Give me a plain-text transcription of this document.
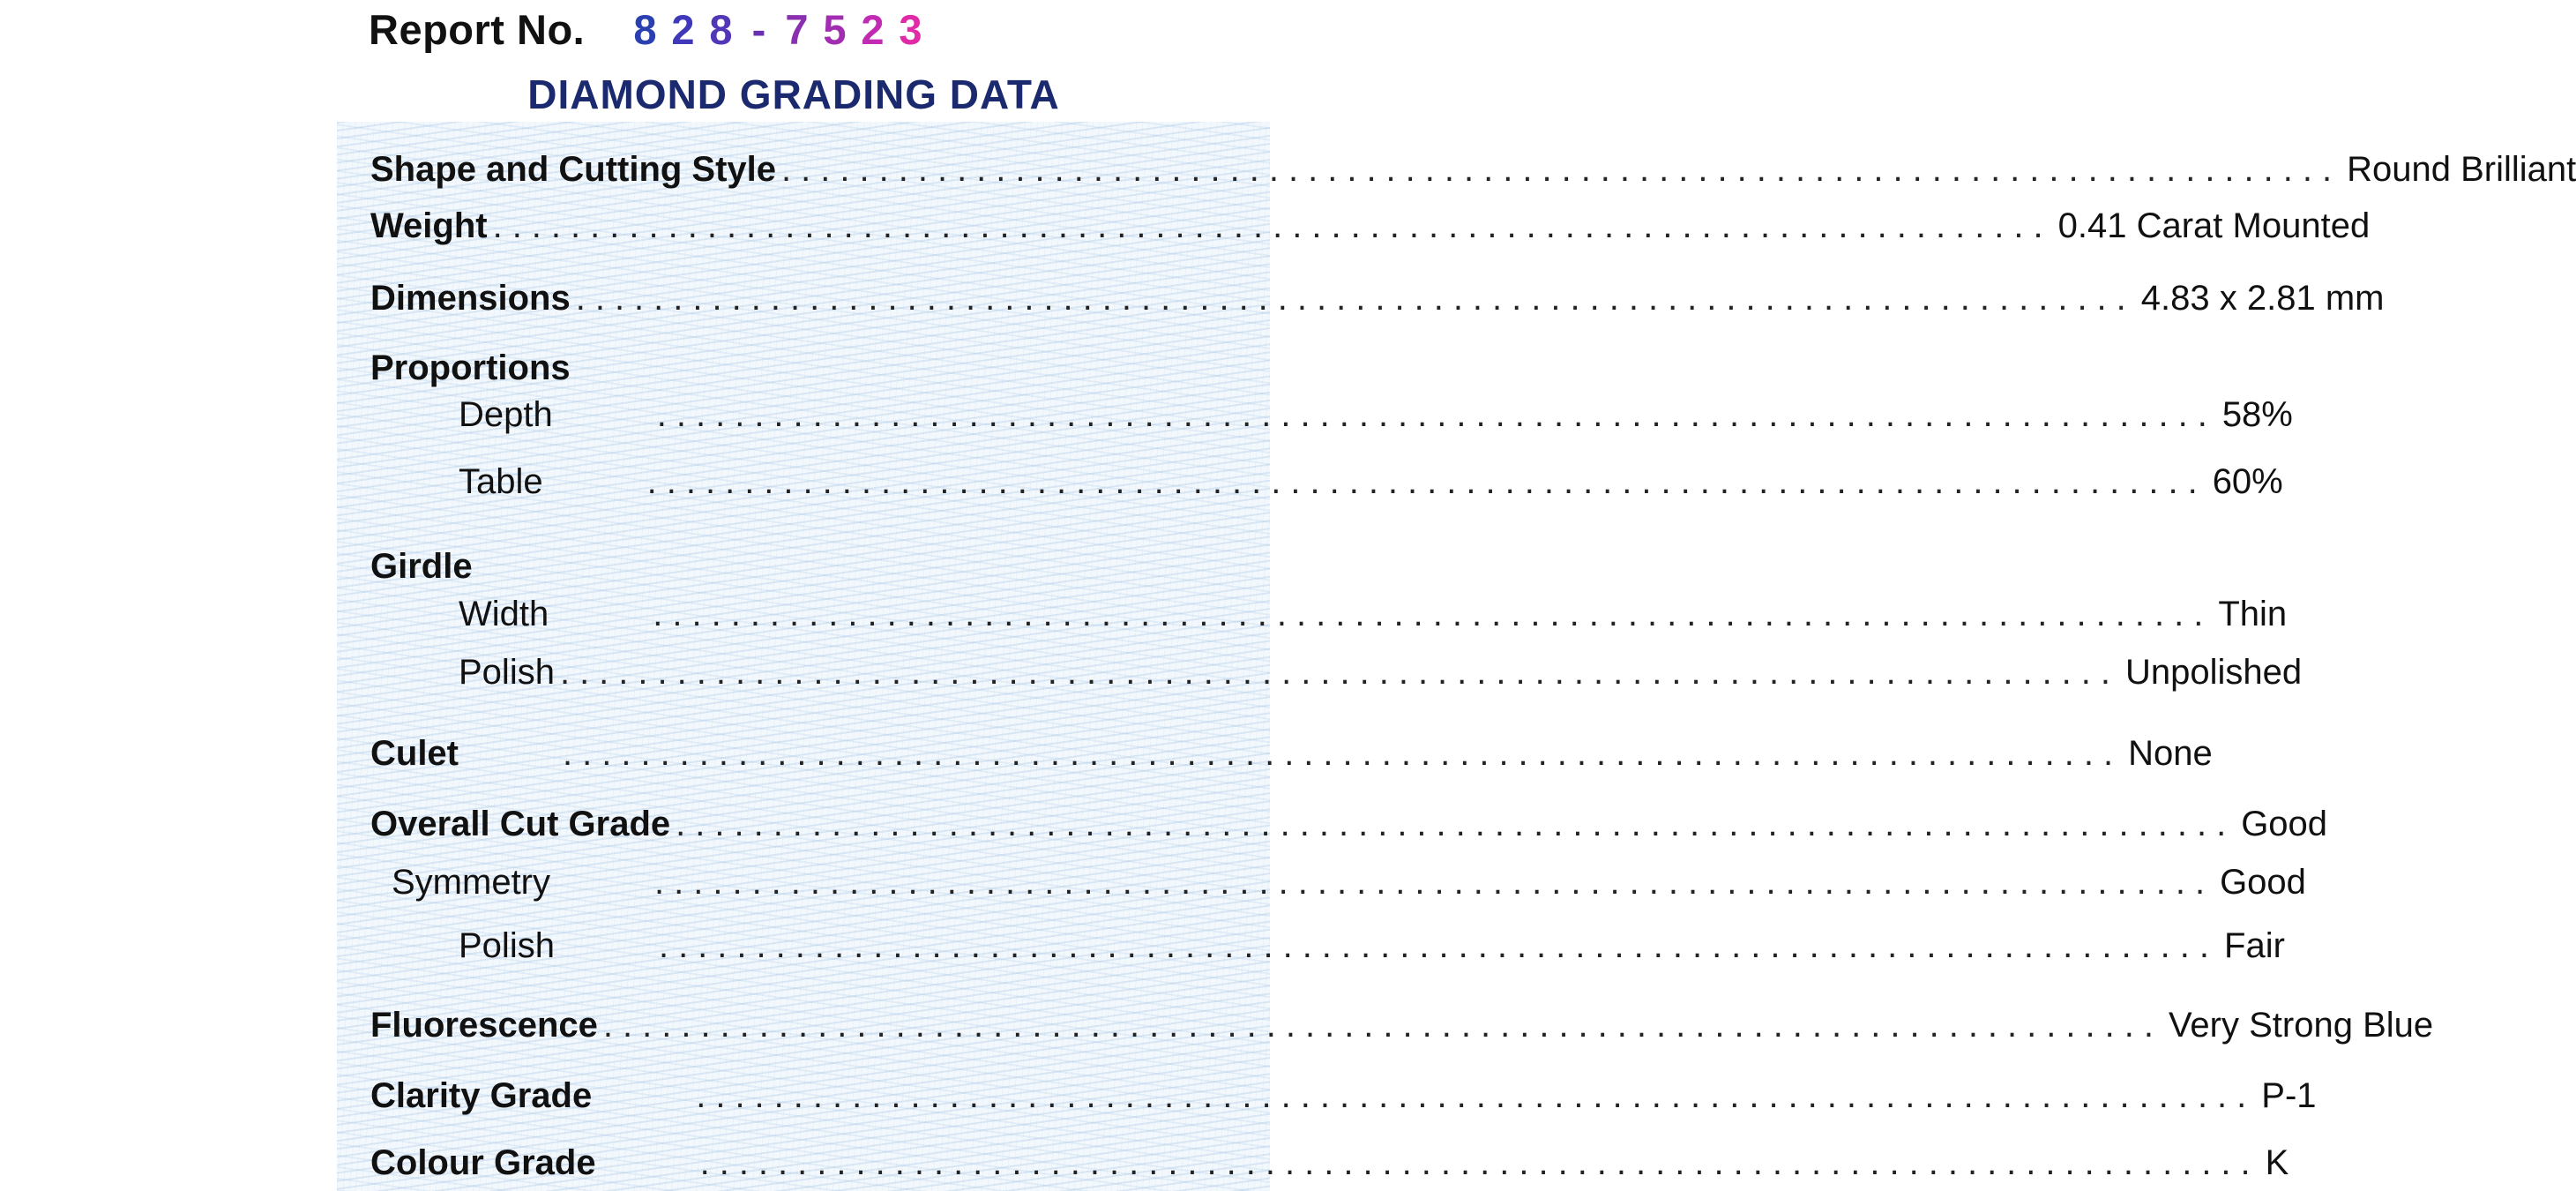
Report No. 8 2 8 - 7 5 2 3
DIAMOND GRADING DATA
Shape and Cutting Style ................................................................................ Round Brilliant
Weight ................................................................................ 0.41 Carat Mounted
Dimensions ................................................................................ 4.83 x 2.81 mm
Proportions
Depth	................................................................................ 58%
Table	................................................................................ 60%
Girdle
Width	................................................................................ Thin
Polish ................................................................................ Unpolished
Culet	................................................................................ None
Overall Cut Grade ................................................................................ Good
Symmetry	................................................................................ Good
Polish	................................................................................ Fair
Fluorescence ................................................................................ Very Strong Blue
Clarity Grade	................................................................................ P-1
Colour Grade	................................................................................ K
